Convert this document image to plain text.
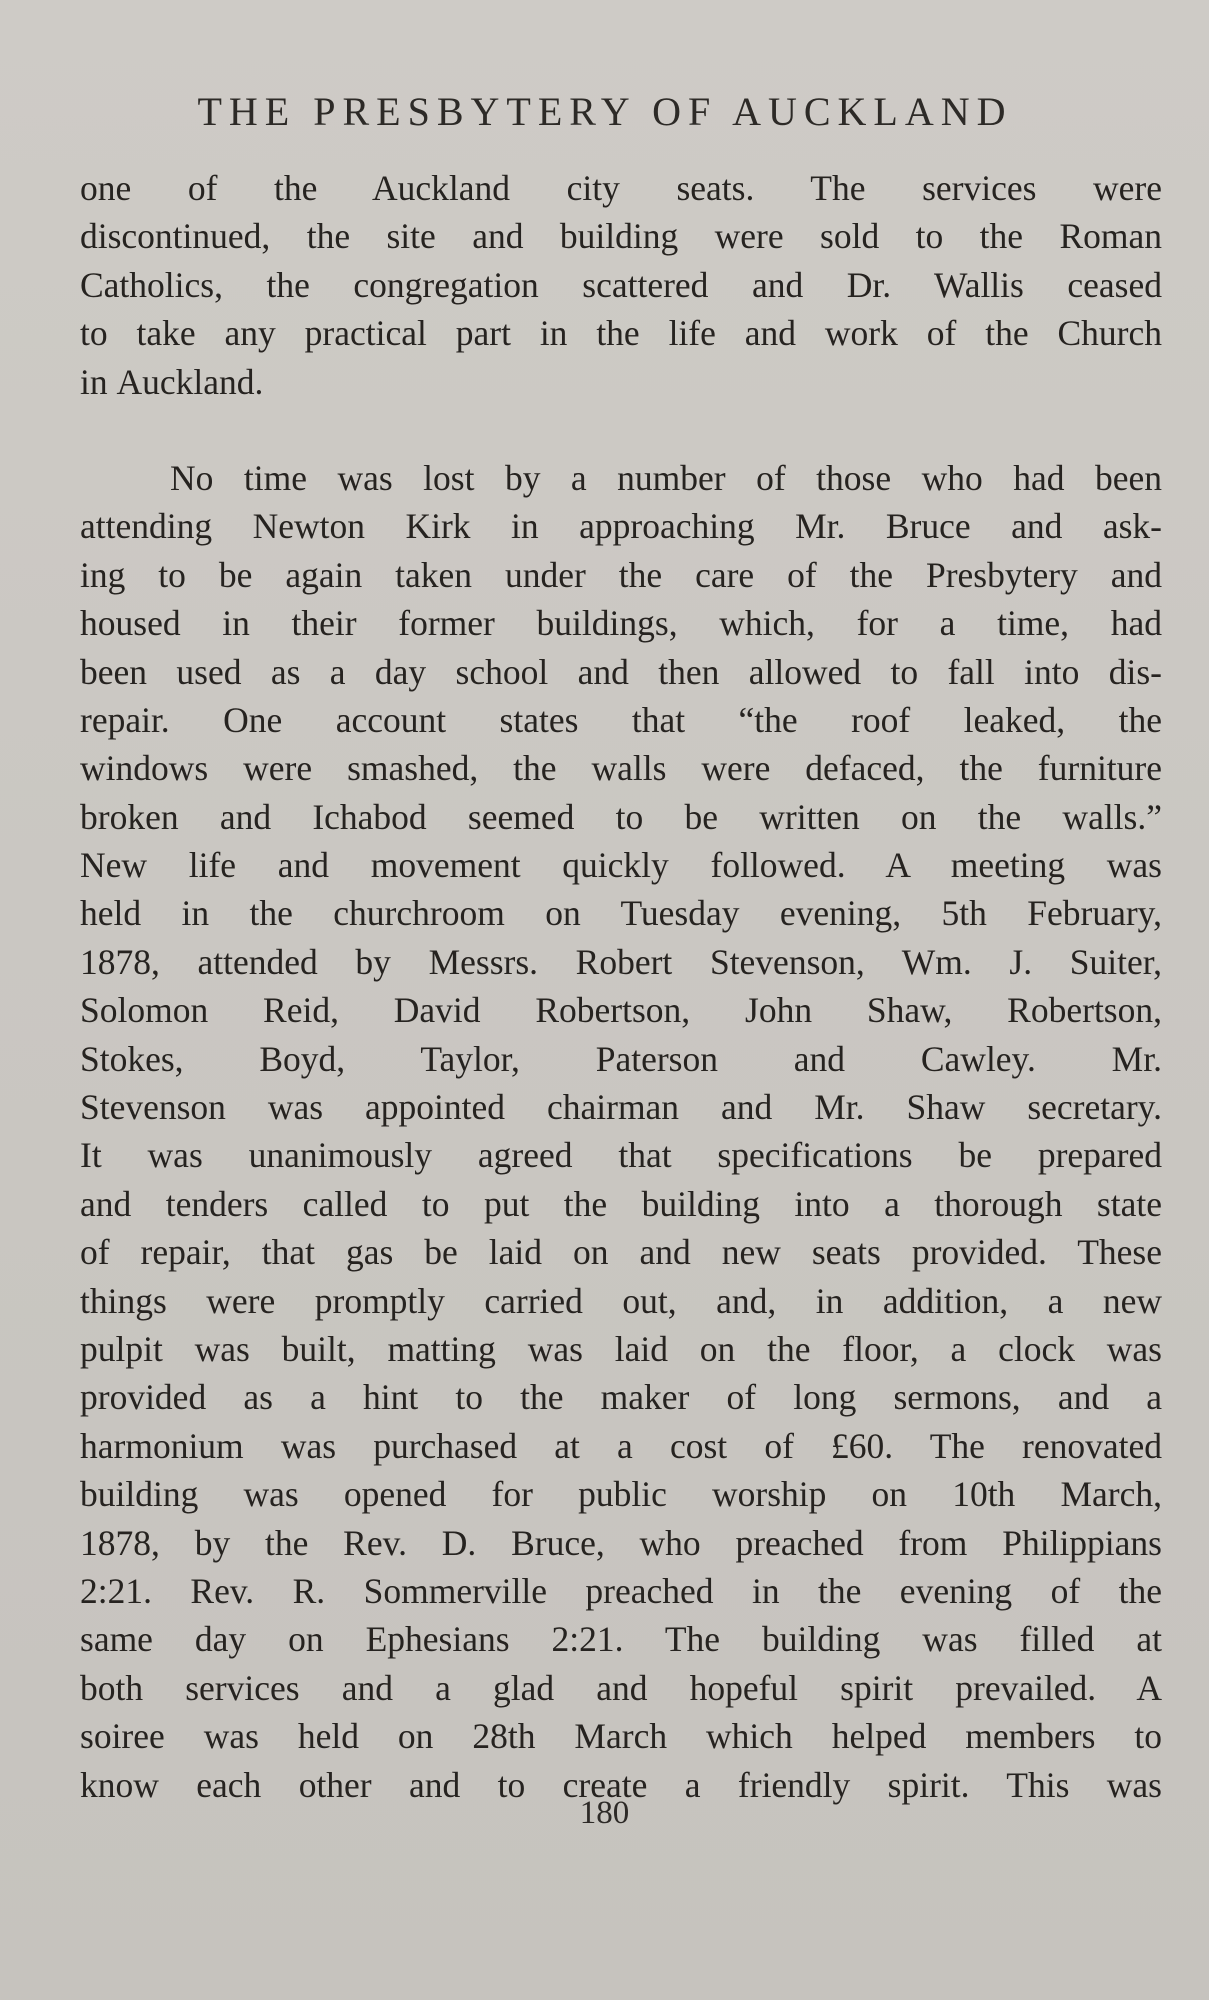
THE PRESBYTERY OF AUCKLAND
one of the Auckland city seats. The services were
discontinued, the site and building were sold to the Roman
Catholics, the congregation scattered and Dr. Wallis ceased
to take any practical part in the life and work of the Church
in Auckland.
No time was lost by a number of those who had been
attending Newton Kirk in approaching Mr. Bruce and ask-
ing to be again taken under the care of the Presbytery and
housed in their former buildings, which, for a time, had
been used as a day school and then allowed to fall into dis-
repair. One account states that “the roof leaked, the
windows were smashed, the walls were defaced, the furniture
broken and Ichabod seemed to be written on the walls.”
New life and movement quickly followed. A meeting was
held in the churchroom on Tuesday evening, 5th February,
1878, attended by Messrs. Robert Stevenson, Wm. J. Suiter,
Solomon Reid, David Robertson, John Shaw, Robertson,
Stokes, Boyd, Taylor, Paterson and Cawley. Mr.
Stevenson was appointed chairman and Mr. Shaw secretary.
It was unanimously agreed that specifications be prepared
and tenders called to put the building into a thorough state
of repair, that gas be laid on and new seats provided. These
things were promptly carried out, and, in addition, a new
pulpit was built, matting was laid on the floor, a clock was
provided as a hint to the maker of long sermons, and a
harmonium was purchased at a cost of £60. The renovated
building was opened for public worship on 10th March,
1878, by the Rev. D. Bruce, who preached from Philippians
2:21. Rev. R. Sommerville preached in the evening of the
same day on Ephesians 2:21. The building was filled at
both services and a glad and hopeful spirit prevailed. A
soiree was held on 28th March which helped members to
know each other and to create a friendly spirit. This was
180
